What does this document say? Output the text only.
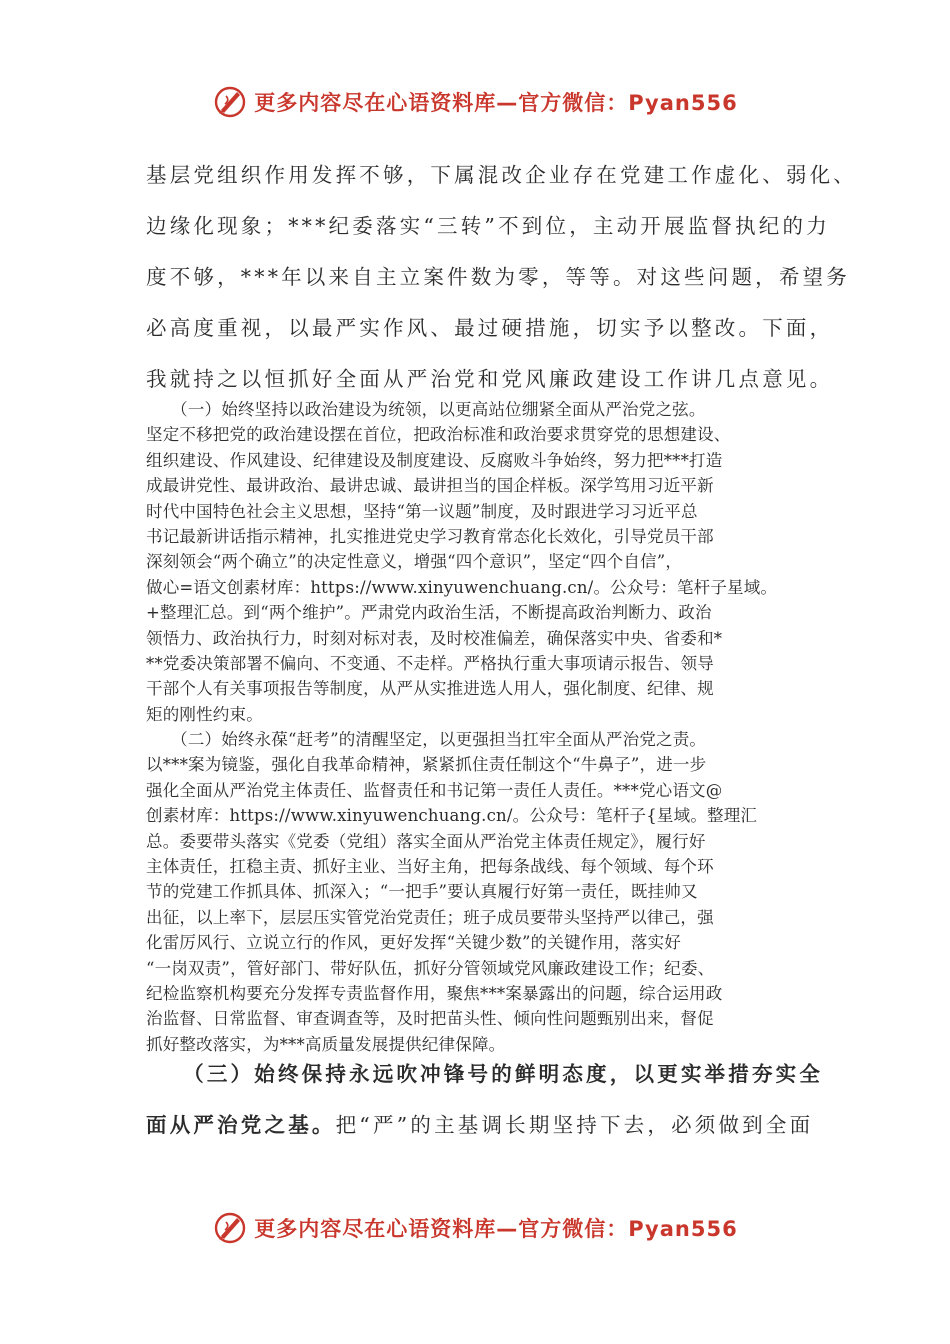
更多内容尽在心语资料库—官方微信：Pyan556

基层党组织作用发挥不够，下属混改企业存在党建工作虚化、弱化、
边缘化现象；***纪委落实“三转”不到位，主动开展监督执纪的力
度不够，***年以来自主立案件数为零，等等。对这些问题，希望务
必高度重视，以最严实作风、最过硬措施，切实予以整改。下面，
我就持之以恒抓好全面从严治党和党风廉政建设工作讲几点意见。

　　（一）始终坚持以政治建设为统领，以更高站位绷紧全面从严治党之弦。
坚定不移把党的政治建设摆在首位，把政治标准和政治要求贯穿党的思想建设、
组织建设、作风建设、纪律建设及制度建设、反腐败斗争始终，努力把***打造
成最讲党性、最讲政治、最讲忠诚、最讲担当的国企样板。深学笃用习近平新
时代中国特色社会主义思想，坚持“第一议题”制度，及时跟进学习习近平总
书记最新讲话指示精神，扎实推进党史学习教育常态化长效化，引导党员干部
深刻领会“两个确立”的决定性意义，增强“四个意识”，坚定“四个自信”，
做心=语文创素材库：https://www.xinyuwenchuang.cn/。公众号：笔杆子星域。
+整理汇总。到“两个维护”。严肃党内政治生活，不断提高政治判断力、政治
领悟力、政治执行力，时刻对标对表，及时校准偏差，确保落实中央、省委和*
**党委决策部署不偏向、不变通、不走样。严格执行重大事项请示报告、领导
干部个人有关事项报告等制度，从严从实推进选人用人，强化制度、纪律、规
矩的刚性约束。

　　（二）始终永葆“赶考”的清醒坚定，以更强担当扛牢全面从严治党之责。
以***案为镜鉴，强化自我革命精神，紧紧抓住责任制这个“牛鼻子”，进一步
强化全面从严治党主体责任、监督责任和书记第一责任人责任。***党心语文@
创素材库：https://www.xinyuwenchuang.cn/。公众号：笔杆子{星域。整理汇
总。委要带头落实《党委（党组）落实全面从严治党主体责任规定》，履行好
主体责任，扛稳主责、抓好主业、当好主角，把每条战线、每个领域、每个环
节的党建工作抓具体、抓深入；“一把手”要认真履行好第一责任，既挂帅又
出征，以上率下，层层压实管党治党责任；班子成员要带头坚持严以律己，强
化雷厉风行、立说立行的作风，更好发挥“关键少数”的关键作用，落实好
“一岗双责”，管好部门、带好队伍，抓好分管领域党风廉政建设工作；纪委、
纪检监察机构要充分发挥专责监督作用，聚焦***案暴露出的问题，综合运用政
治监督、日常监督、审查调查等，及时把苗头性、倾向性问题甄别出来，督促
抓好整改落实，为***高质量发展提供纪律保障。

　　（三）始终保持永远吹冲锋号的鲜明态度，以更实举措夯实全
面从严治党之基。把“严”的主基调长期坚持下去，必须做到全面

更多内容尽在心语资料库—官方微信：Pyan556
